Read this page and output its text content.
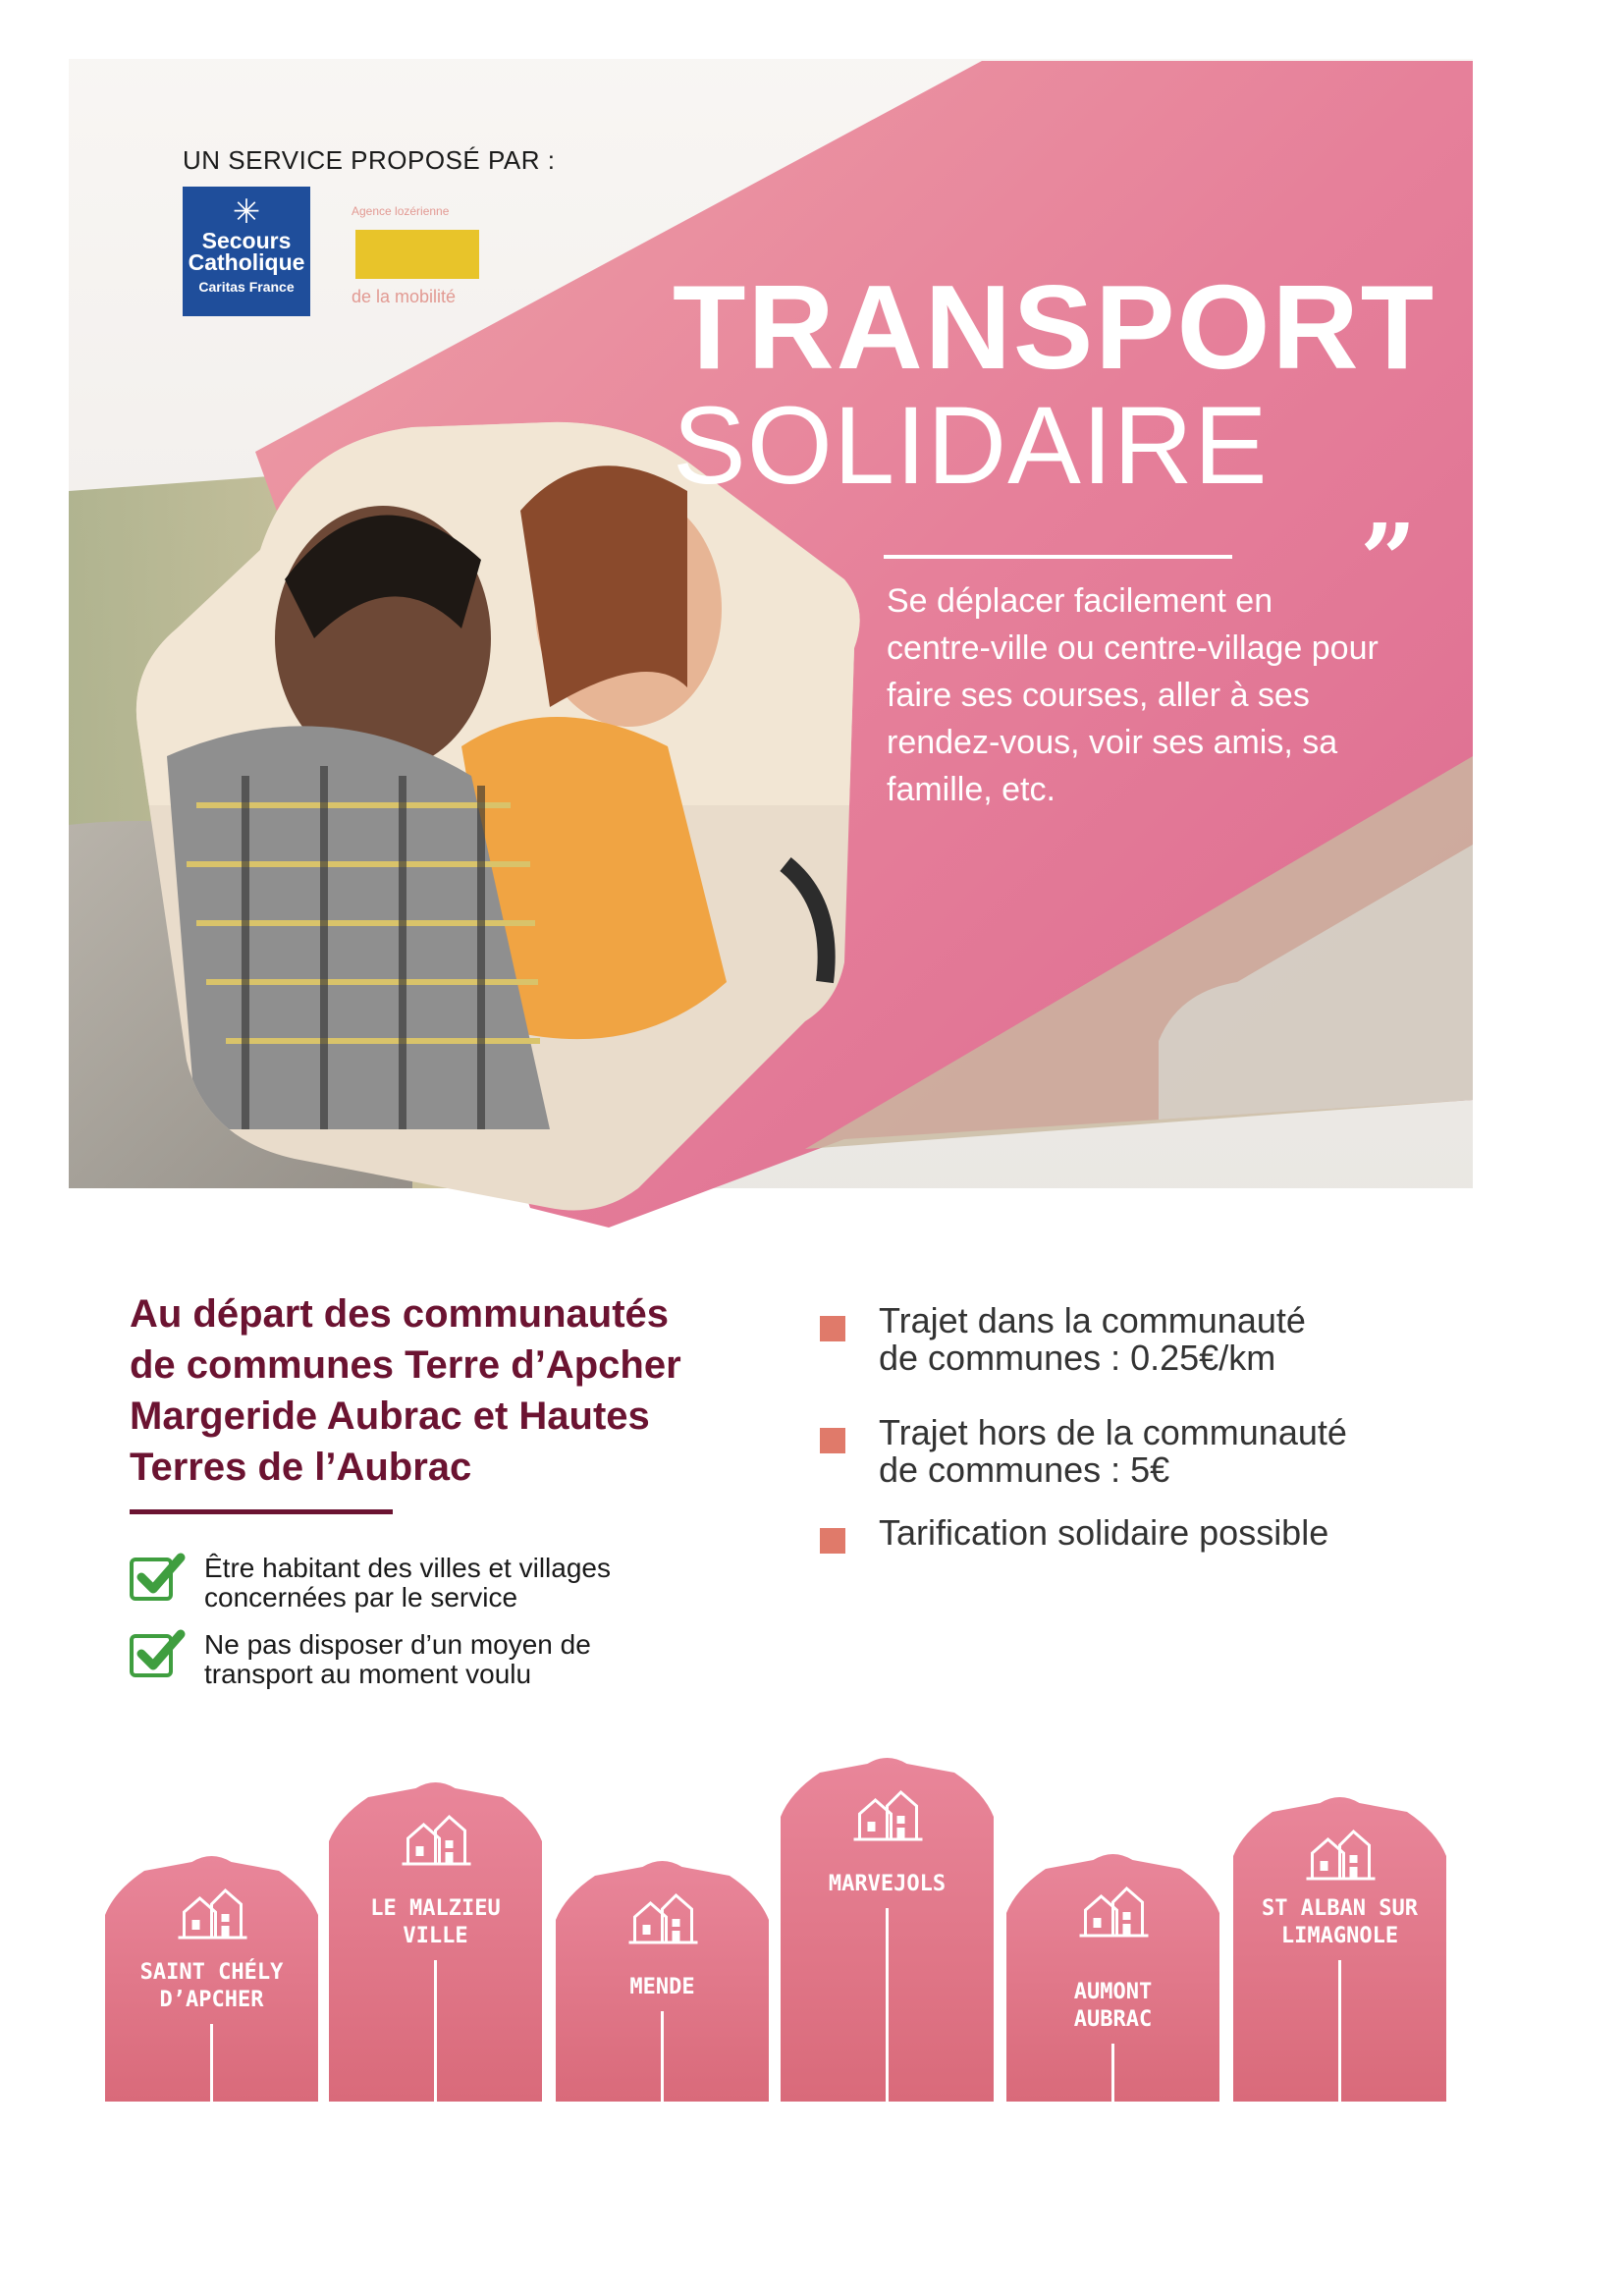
UN SERVICE PROPOSÉ PAR :
✳
Secours
Catholique
Caritas France
Agence lozérienne
de la mobilité TRANSPORT
SOLIDAIRE
”
Se déplacer facilement en
centre-ville ou centre-village pour
faire ses courses, aller à ses
rendez-vous, voir ses amis, sa
famille, etc.
Au départ des communautés
de communes Terre d’Apcher
Margeride Aubrac et Hautes
Terres de l’Aubrac
Être habitant des villes et villages
concernées par le service
Ne pas disposer d’un moyen de
transport au moment voulu
Trajet dans la communauté
de communes : 0.25€/km
Trajet hors de la communauté
de communes : 5€
Tarification solidaire possible
SAINT CHÉLY
D’APCHER
LE MALZIEU
VILLE
MENDE
MARVEJOLS
AUMONT
AUBRAC
ST ALBAN SUR
LIMAGNOLE
